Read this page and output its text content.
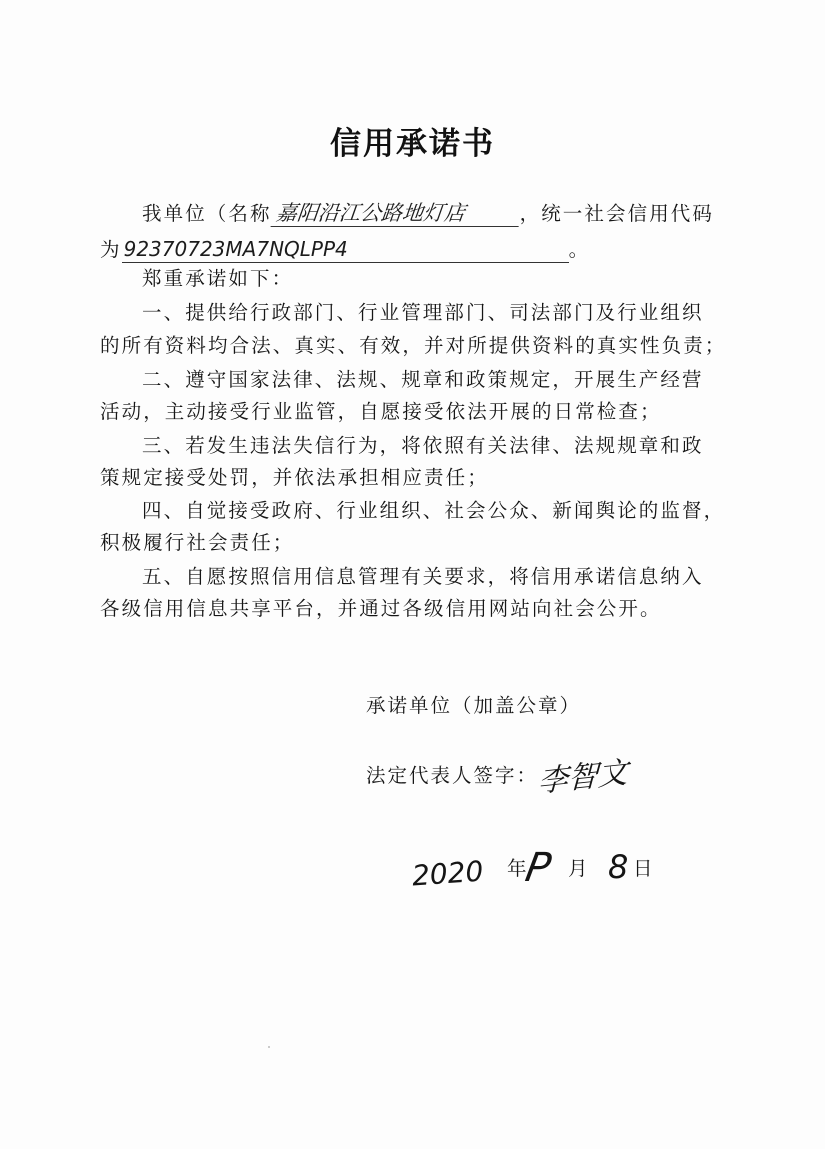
信用承诺书
我单位（名称 嘉阳沿江公路地灯店	，统一社会信用代码
为 92370723MA7NQLPP4	。
郑重承诺如下：
一、提供给行政部门、行业管理部门、司法部门及行业组织
的所有资料均合法、真实、有效，并对所提供资料的真实性负责；
二、遵守国家法律、法规、规章和政策规定，开展生产经营
活动，主动接受行业监管，自愿接受依法开展的日常检查；
三、若发生违法失信行为，将依照有关法律、法规规章和政
策规定接受处罚，并依法承担相应责任；
四、自觉接受政府、行业组织、社会公众、新闻舆论的监督，
积极履行社会责任；
五、自愿按照信用信息管理有关要求，将信用承诺信息纳入
各级信用信息共享平台，并通过各级信用网站向社会公开。
承诺单位（加盖公章）
法定代表人签字： 李智文
2020 年
P 月 8 日
